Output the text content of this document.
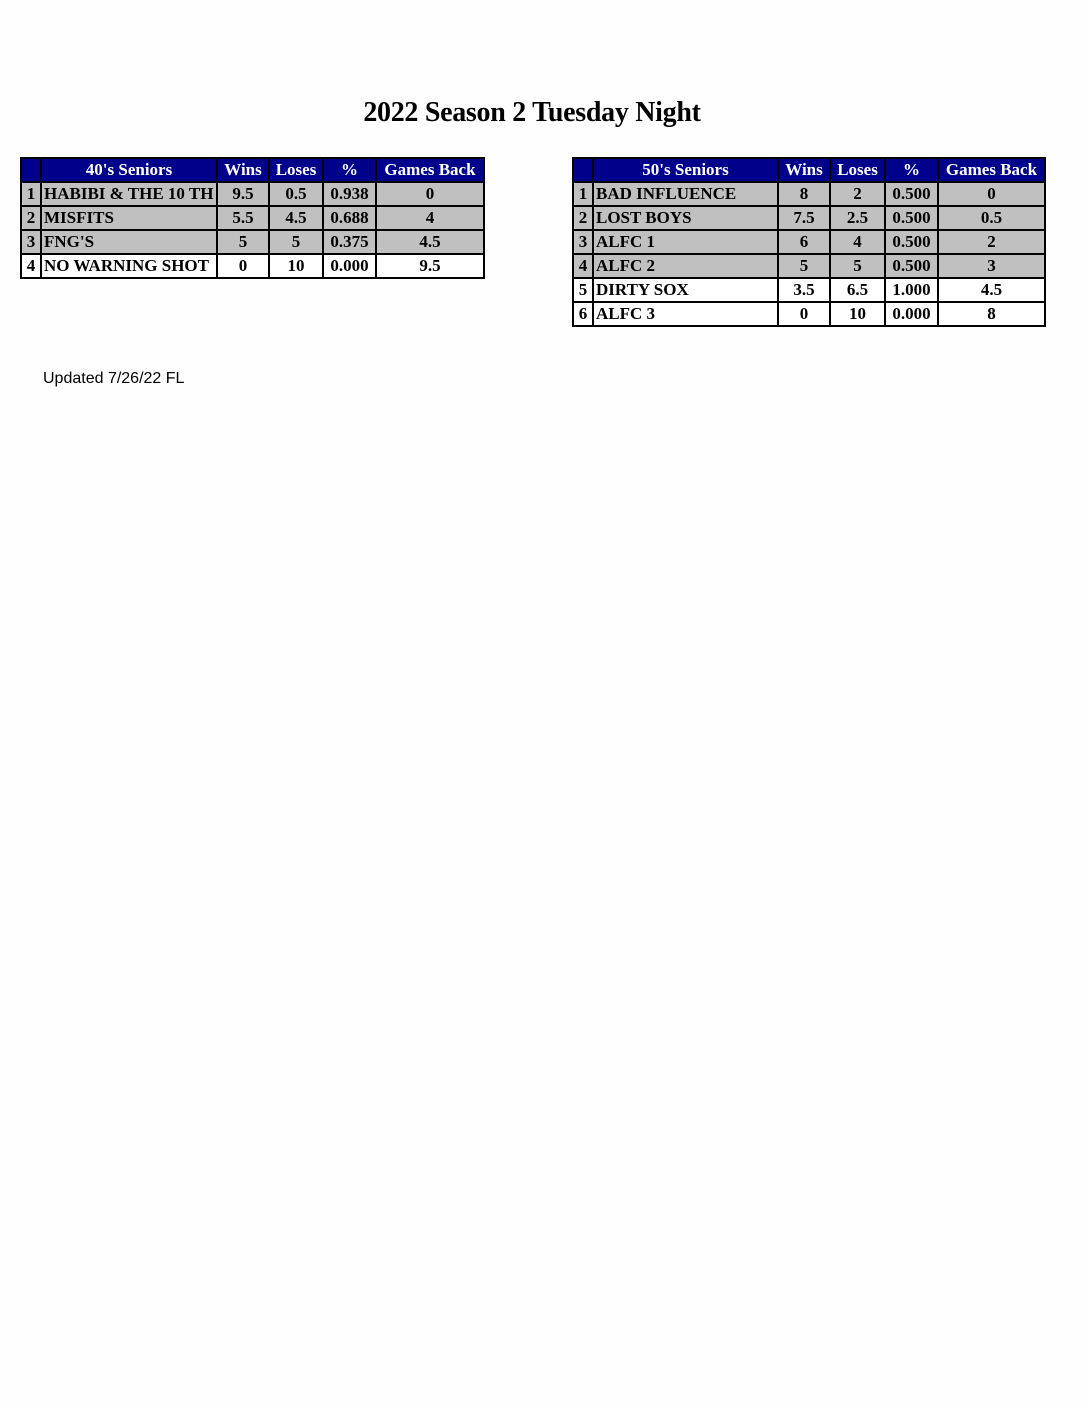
2022 Season 2 Tuesday Night
	40's Seniors	Wins	Loses	%	Games Back
1	HABIBI & THE 10 TH	9.5	0.5	0.938	0
2	MISFITS	5.5	4.5	0.688	4
3	FNG'S	5	5	0.375	4.5
4	NO WARNING SHOT	0	10	0.000	9.5
	50's Seniors	Wins	Loses	%	Games Back
1	BAD INFLUENCE	8	2	0.500	0
2	LOST BOYS	7.5	2.5	0.500	0.5
3	ALFC 1	6	4	0.500	2
4	ALFC 2	5	5	0.500	3
5	DIRTY SOX	3.5	6.5	1.000	4.5
6	ALFC 3	0	10	0.000	8
Updated 7/26/22 FL
